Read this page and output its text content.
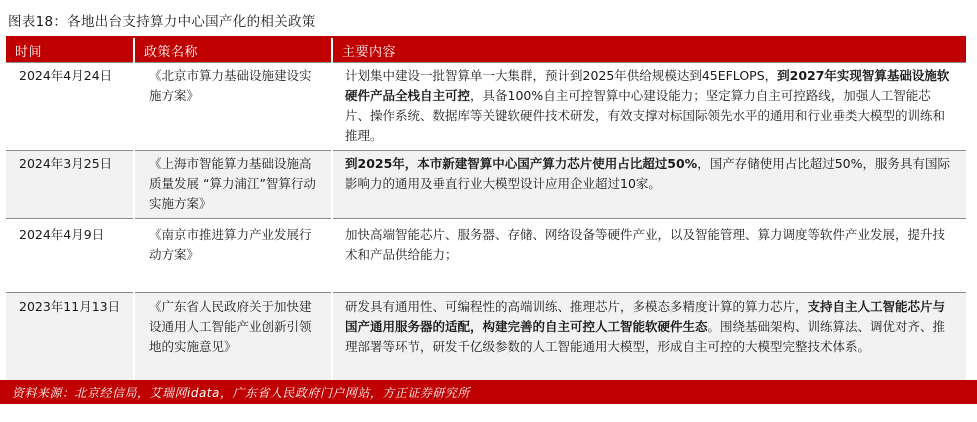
图表18：各地出台支持算力中心国产化的相关政策
时间	政策名称	主要内容
2024年4月24日	《北京市算力基础设施建设实施方案》	计划集中建设一批智算单一大集群，预计到2025年供给规模达到45EFLOPS，到2027年实现智算基础设施软硬件产品全栈自主可控，具备100%自主可控智算中心建设能力；坚定算力自主可控路线，加强人工智能芯片、操作系统、数据库等关键软硬件技术研发，有效支撑对标国际领先水平的通用和行业垂类大模型的训练和推理。
2024年3月25日	《上海市智能算力基础设施高质量发展 “算力浦江”智算行动实施方案》	到2025年，本市新建智算中心国产算力芯片使用占比超过50%，国产存储使用占比超过50%，服务具有国际影响力的通用及垂直行业大模型设计应用企业超过10家。
2024年4月9日	《南京市推进算力产业发展行动方案》	加快高端智能芯片、服务器、存储、网络设备等硬件产业，以及智能管理、算力调度等软件产业发展，提升技术和产品供给能力；
2023年11月13日	《广东省人民政府关于加快建设通用人工智能产业创新引领地的实施意见》	研发具有通用性、可编程性的高端训练、推理芯片，多模态多精度计算的算力芯片，支持自主人工智能芯片与国产通用服务器的适配，构建完善的自主可控人工智能软硬件生态。围绕基础架构、训练算法、调优对齐、推理部署等环节，研发千亿级参数的人工智能通用大模型，形成自主可控的大模型完整技术体系。
资料来源：北京经信局，艾瑞网idata，广东省人民政府门户网站，方正证券研究所
